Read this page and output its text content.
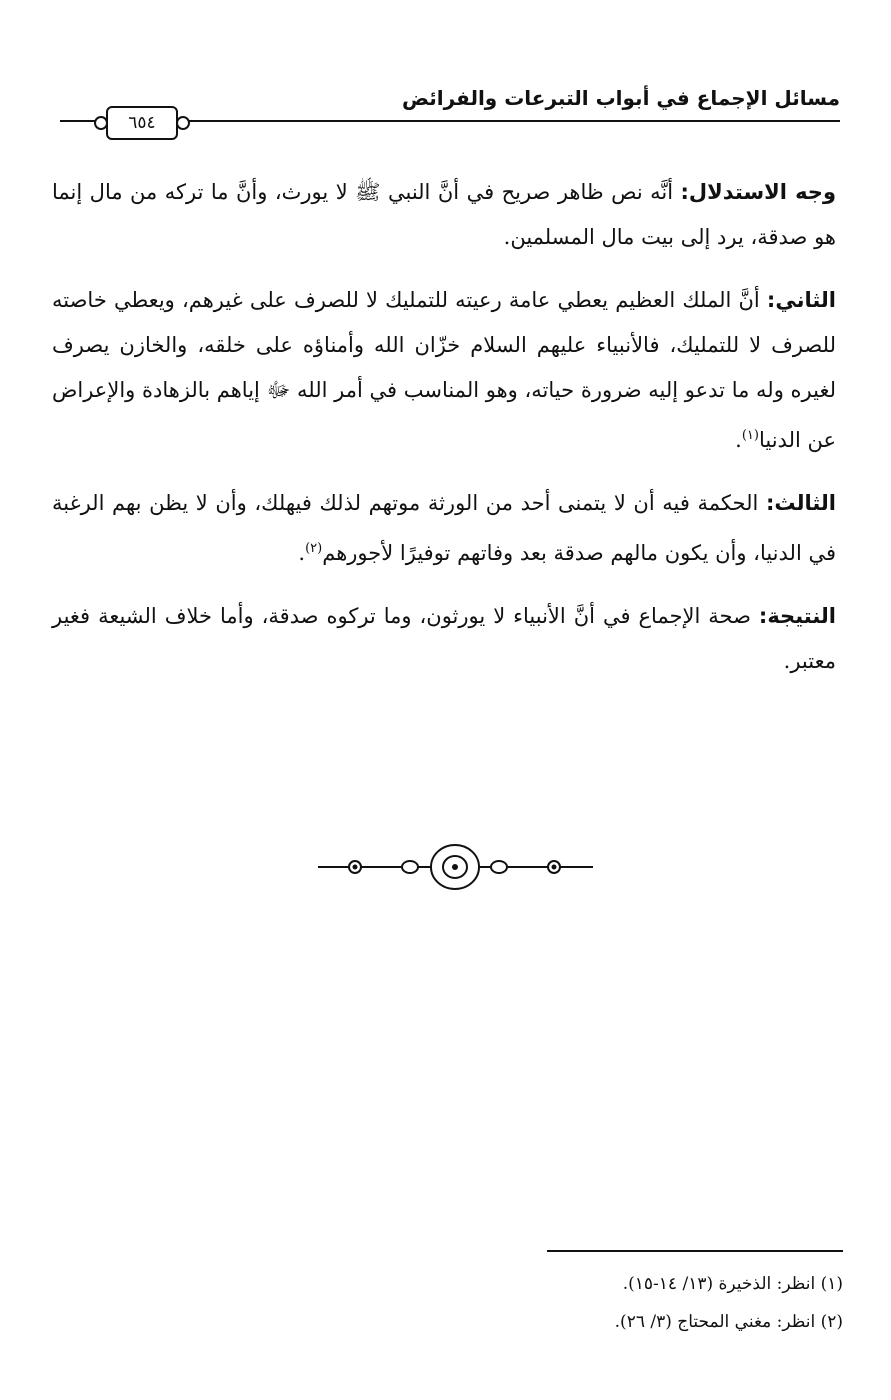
مسائل الإجماع في أبواب التبرعات والفرائض
٦٥٤

وجه الاستدلال: أنَّه نص ظاهر صريح في أنَّ النبي ﷺ لا يورث، وأنَّ ما تركه من مال إنما هو صدقة، يرد إلى بيت مال المسلمين.

الثاني: أنَّ الملك العظيم يعطي عامة رعيته للتمليك لا للصرف على غيرهم، ويعطي خاصته للصرف لا للتمليك، فالأنبياء عليهم السلام خزّان الله وأمناؤه على خلقه، والخازن يصرف لغيره وله ما تدعو إليه ضرورة حياته، وهو المناسب في أمر الله ﷻ إياهم بالزهادة والإعراض عن الدنيا$^{(١)}$.

الثالث: الحكمة فيه أن لا يتمنى أحد من الورثة موتهم لذلك فيهلك، وأن لا يظن بهم الرغبة في الدنيا، وأن يكون مالهم صدقة بعد وفاتهم توفيرًا لأجورهم$^{(٢)}$.

النتيجة: صحة الإجماع في أنَّ الأنبياء لا يورثون، وما تركوه صدقة، وأما خلاف الشيعة فغير معتبر.

(١) انظر: الذخيرة (١٣/ ١٤-١٥).
(٢) انظر: مغني المحتاج (٣/ ٢٦).
